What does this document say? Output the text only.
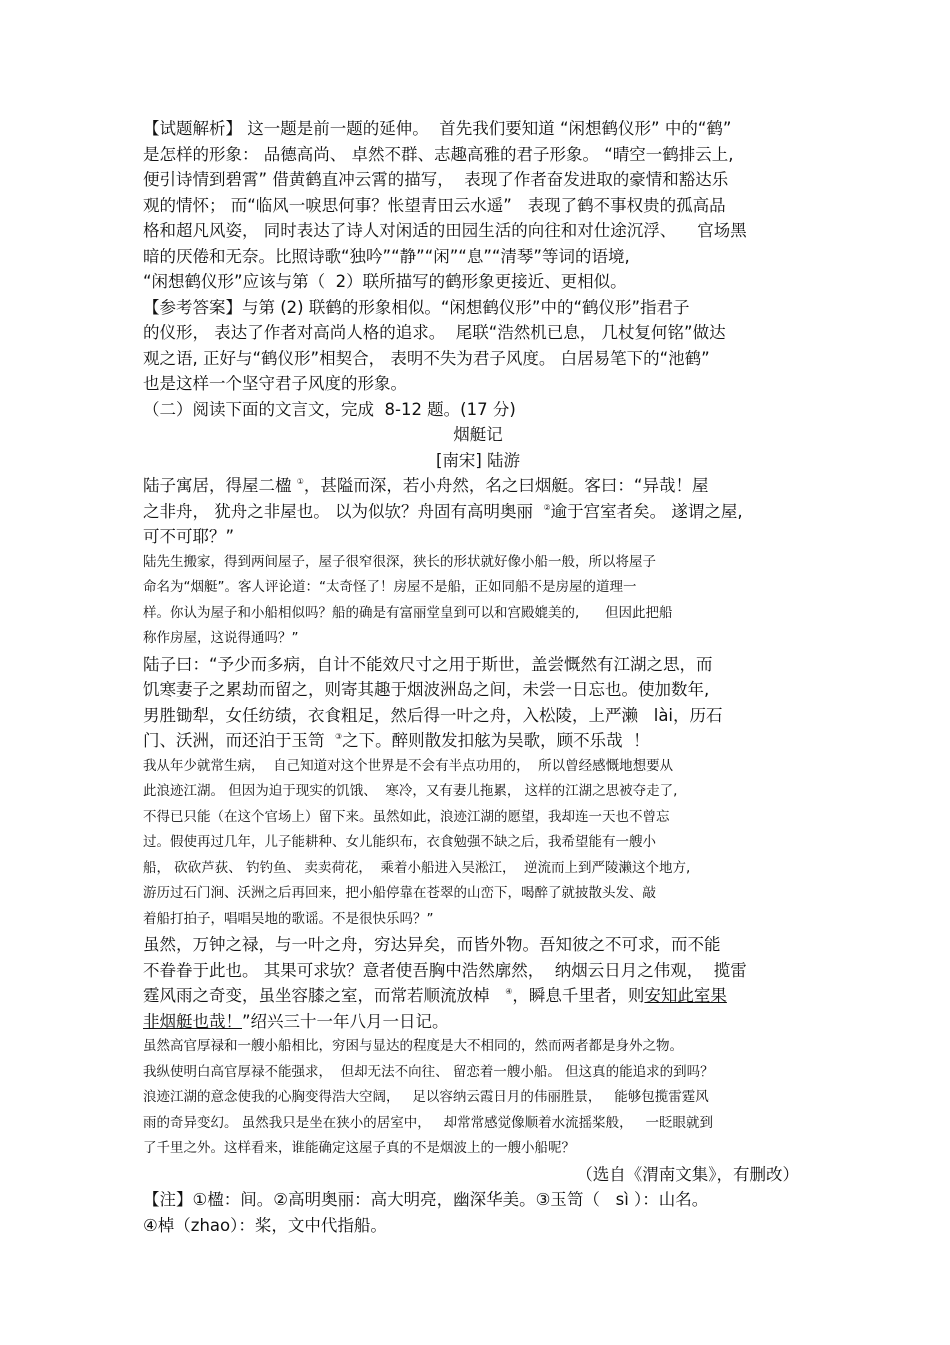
【试题解析】 这一题是前一题的延伸。  首先我们要知道 “闲想鹤仪形” 中的“鹤”

是怎样的形象： 品德高尚、 卓然不群、志趣高雅的君子形象。 “晴空一鹤排云上,

便引诗情到碧霄” 借黄鹤直冲云霄的描写，  表现了作者奋发进取的豪情和豁达乐

观的情怀； 而“临风一唳思何事？怅望青田云水遥”   表现了鹤不事权贵的孤高品

格和超凡风姿， 同时表达了诗人对闲适的田园生活的向往和对仕途沉浮、    官场黑

暗的厌倦和无奈。比照诗歌“独吟”“静”“闲”“息”“清琴”等词的语境,

“闲想鹤仪形”应该与第（  2）联所描写的鹤形象更接近、更相似。

【参考答案】与第 (2) 联鹤的形象相似。“闲想鹤仪形”中的“鹤仪形”指君子

的仪形， 表达了作者对高尚人格的追求。  尾联“浩然机已息， 几杖复何铭”做达

观之语, 正好与“鹤仪形”相契合， 表明不失为君子风度。 白居易笔下的“池鹤”

也是这样一个坚守君子风度的形象。

（二）阅读下面的文言文，完成  8-12 题。(17 分)

烟艇记

[南宋] 陆游

陆子寓居，得屋二楹 ①，甚隘而深，若小舟然，名之曰烟艇。客曰：“异哉！屋

之非舟， 犹舟之非屋也。 以为似欤？舟固有高明奥丽  ②逾于宫室者矣。 遂谓之屋,

可不可耶？”

陆先生搬家，得到两间屋子，屋子很窄很深，狭长的形状就好像小船一般，所以将屋子

命名为“烟艇”。客人评论道：“太奇怪了！房屋不是船，正如同船不是房屋的道理一

样。你认为屋子和小船相似吗？船的确是有富丽堂皇到可以和宫殿媲美的,      但因此把船

称作房屋，这说得通吗？”

陆子曰：“予少而多病，自计不能效尺寸之用于斯世，盖尝慨然有江湖之思，而

饥寒妻子之累劫而留之，则寄其趣于烟波洲岛之间，未尝一日忘也。使加数年,

男胜锄犁，女任纺绩，衣食粗足，然后得一叶之舟，入松陵，上严濑   lài，历石

门、沃洲，而还泊于玉笥  ③之下。醉则散发扣舷为吴歌，顾不乐哉  ！

我从年少就常生病，  自己知道对这个世界是不会有半点功用的，  所以曾经感慨地想要从

此浪迹江湖。 但因为迫于现实的饥饿、  寒冷，又有妻儿拖累， 这样的江湖之思被夺走了,

不得已只能（在这个官场上）留下来。虽然如此，浪迹江湖的愿望，我却连一天也不曾忘

过。假使再过几年，儿子能耕种、女儿能织布，衣食勉强不缺之后，我希望能有一艘小

船， 砍砍芦荻、 钓钓鱼、 卖卖荷花，  乘着小船进入吴淞江，  逆流而上到严陵濑这个地方,

游历过石门涧、沃洲之后再回来，把小船停靠在苍翠的山峦下，喝醉了就披散头发、敲

着船打拍子，唱唱吴地的歌谣。不是很快乐吗？”

虽然，万钟之禄，与一叶之舟，穷达异矣，而皆外物。吾知彼之不可求，而不能

不眷眷于此也。 其果可求欤？意者使吾胸中浩然廓然，  纳烟云日月之伟观，  揽雷

霆风雨之奇变，虽坐容膝之室，而常若顺流放棹   ④，瞬息千里者，则安知此室果

非烟艇也哉！”绍兴三十一年八月一日记。

虽然高官厚禄和一艘小船相比，穷困与显达的程度是大不相同的，然而两者都是身外之物。

我纵使明白高官厚禄不能强求，  但却无法不向往、 留恋着一艘小船。 但这真的能追求的到吗？

浪迹江湖的意念使我的心胸变得浩大空阔，   足以容纳云霞日月的伟丽胜景，   能够包揽雷霆风

雨的奇异变幻。 虽然我只是坐在狭小的居室中，   却常常感觉像顺着水流摇桨般，   一眨眼就到

了千里之外。这样看来，谁能确定这屋子真的不是烟波上的一艘小船呢？

（选自《渭南文集》，有删改）

【注】①楹：间。②高明奥丽：高大明亮，幽深华美。③玉笥（   sì ）：山名。

④棹（zhao）：桨，文中代指船。
